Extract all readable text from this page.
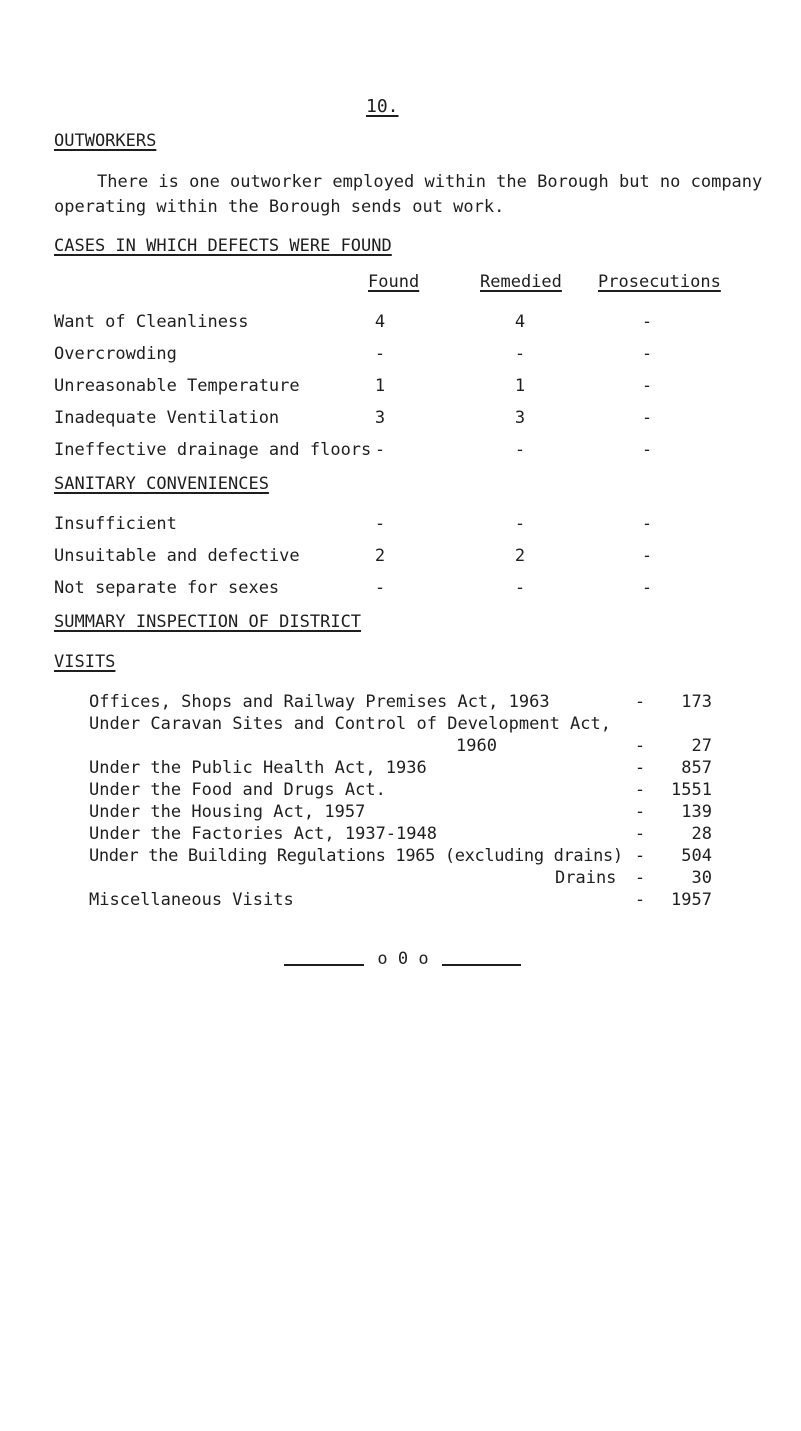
10.
OUTWORKERS
There is one outworker employed within the Borough but no company
operating within the Borough sends out work.
CASES IN WHICH DEFECTS WERE FOUND
Found	Remedied Prosecutions
Want of Cleanliness	4	4	-
Overcrowding	-	-	-
Unreasonable Temperature	1	1	-
Inadequate Ventilation	3	3	-
Ineffective drainage and floors -	-	-
SANITARY CONVENIENCES
Insufficient	-	-	-
Unsuitable and defective	2	2	-
Not separate for sexes	-	-	-
SUMMARY INSPECTION OF DISTRICT
VISITS
Offices, Shops and Railway Premises Act, 1963	-	173
Under Caravan Sites and Control of Development Act,
1960	-	27
Under the Public Health Act, 1936	-	857
Under the Food and Drugs Act.	-	1551
Under the Housing Act, 1957	-	139
Under the Factories Act, 1937-1948	-	28
Under the Building Regulations 1965 (excluding drains) -	504
Drains -	30
Miscellaneous Visits	-	1957
o 0 o
